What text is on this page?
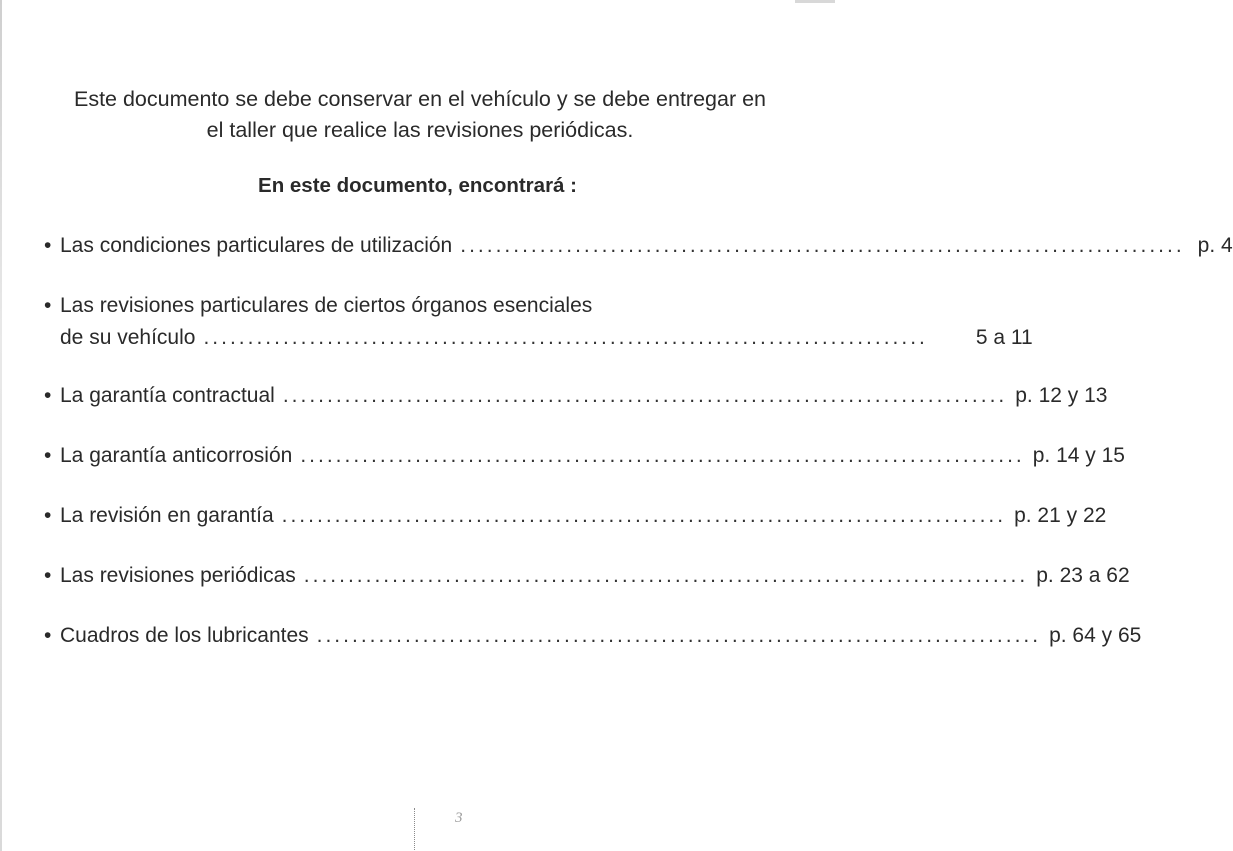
Este documento se debe conservar en el vehículo y se debe entregar en
el taller que realice las revisiones periódicas.
En este documento, encontrará :
• Las condiciones particulares de utilización .................................................................................. p. 4
• Las revisiones particulares de ciertos órganos esenciales
de su vehículo ..................................................................................	5 a 11
• La garantía contractual .................................................................................. p. 12 y 13
• La garantía anticorrosión .................................................................................. p. 14 y 15
• La revisión en garantía .................................................................................. p. 21 y 22
• Las revisiones periódicas .................................................................................. p. 23 a 62
• Cuadros de los lubricantes .................................................................................. p. 64 y 65
3
